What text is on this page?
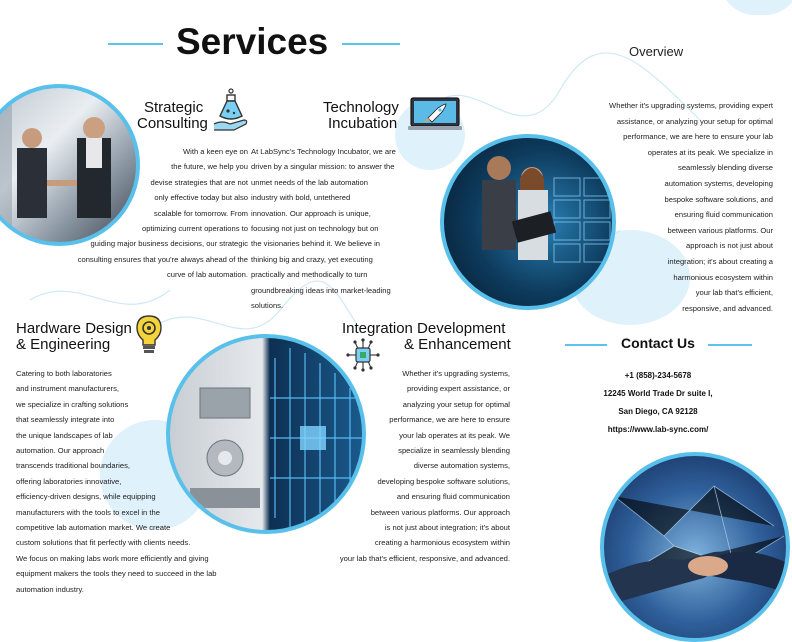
Services	Overview
Whether it's upgrading systems, providing expert
assistance, or analyzing your setup for optimal
performance, we are here to ensure your lab
operates at its peak. We specialize in
seamlessly blending diverse
automation systems, developing
bespoke software solutions, and
ensuring fluid communication
between various platforms. Our
approach is not just about
integration; it's about creating a
harmonious ecosystem within
your lab that's efficient,
responsive, and advanced.
Strategic
Consulting
With a keen eye on
the future, we help you
devise strategies that are not
only effective today but also
scalable for tomorrow. From
optimizing current operations to
guiding major business decisions, our strategic
consulting ensures that you're always ahead of the
curve of lab automation.
Technology
Incubation
At LabSync's Technology Incubator, we are
driven by a singular mission: to answer the
unmet needs of the lab automation
industry with bold, untethered
innovation. Our approach is unique,
focusing not just on technology but on
the visionaries behind it. We believe in
thinking big and crazy, yet executing
practically and methodically to turn
groundbreaking ideas into market-leading
solutions.
Hardware Design
& Engineering
Catering to both laboratories
and instrument manufacturers,
we specialize in crafting solutions
that seamlessly integrate into
the unique landscapes of lab
automation. Our approach
transcends traditional boundaries,
offering laboratories innovative,
efficiency-driven designs, while equipping
manufacturers with the tools to excel in the
competitive lab automation market. We create
custom solutions that fit perfectly with clients needs.
We focus on making labs work more efficiently and giving
equipment makers the tools they need to succeed in the lab
automation industry.
Integration Development
& Enhancement
Whether it's upgrading systems,
providing expert assistance, or
analyzing your setup for optimal
performance, we are here to ensure
your lab operates at its peak. We
specialize in seamlessly blending
diverse automation systems,
developing bespoke software solutions,
and ensuring fluid communication
between various platforms. Our approach
is not just about integration; it's about
creating a harmonious ecosystem within
your lab that's efficient, responsive, and advanced.
Contact Us
+1 (858)-234-5678
12245 World Trade Dr suite I,
San Diego, CA 92128
https://www.lab-sync.com/
